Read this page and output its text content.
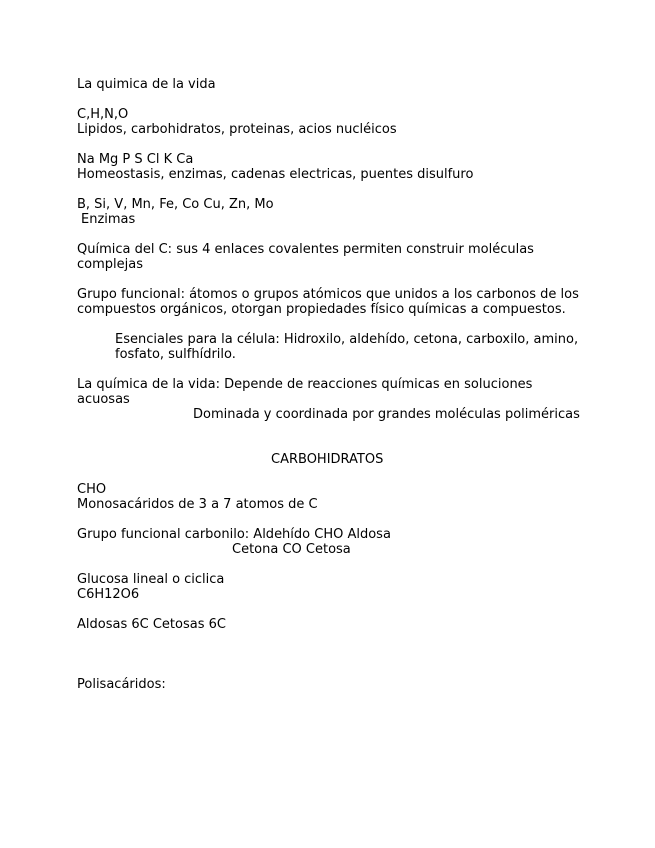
La quimica de la vida
C,H,N,O
Lipidos, carbohidratos, proteinas, acios nucléicos
Na Mg P S Cl K Ca
Homeostasis, enzimas, cadenas electricas, puentes disulfuro
B, Si, V, Mn, Fe, Co Cu, Zn, Mo
Enzimas
Química del C: sus 4 enlaces covalentes permiten construir moléculas
complejas
Grupo funcional: átomos o grupos atómicos que unidos a los carbonos de los
compuestos orgánicos, otorgan propiedades físico químicas a compuestos.
Esenciales para la célula: Hidroxilo, aldehído, cetona, carboxilo, amino,
fosfato, sulfhídrilo.
La química de la vida: Depende de reacciones químicas en soluciones
acuosas
Dominada y coordinada por grandes moléculas poliméricas
CARBOHIDRATOS
CHO
Monosacáridos de 3 a 7 atomos de C
Grupo funcional carbonilo: Aldehído CHO Aldosa
Cetona CO Cetosa
Glucosa lineal o ciclica
C6H12O6
Aldosas 6C Cetosas 6C
Polisacáridos:
